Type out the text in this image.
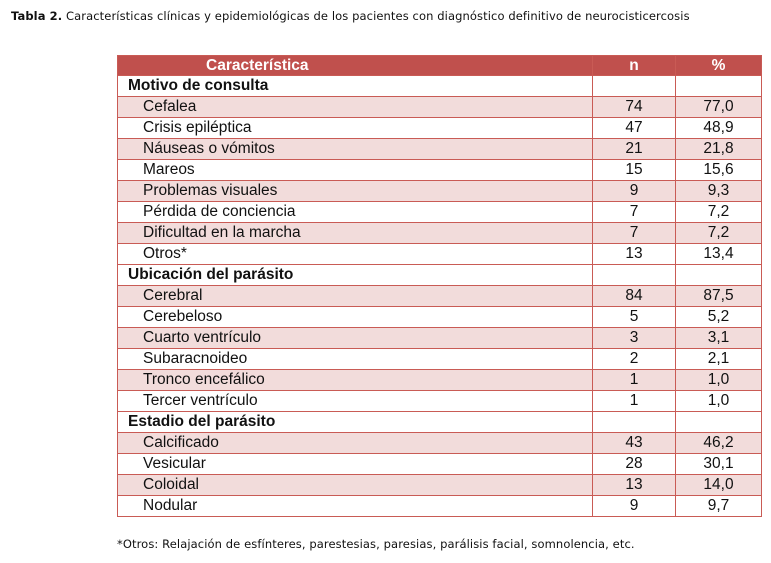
Tabla 2. Características clínicas y epidemiológicas de los pacientes con diagnóstico definitivo de neurocisticercosis
Característica	n	%
Motivo de consulta		
Cefalea	74	77,0
Crisis epiléptica	47	48,9
Náuseas o vómitos	21	21,8
Mareos	15	15,6
Problemas visuales	9	9,3
Pérdida de conciencia	7	7,2
Dificultad en la marcha	7	7,2
Otros*	13	13,4
Ubicación del parásito		
Cerebral	84	87,5
Cerebeloso	5	5,2
Cuarto ventrículo	3	3,1
Subaracnoideo	2	2,1
Tronco encefálico	1	1,0
Tercer ventrículo	1	1,0
Estadio del parásito		
Calcificado	43	46,2
Vesicular	28	30,1
Coloidal	13	14,0
Nodular	9	9,7
*Otros: Relajación de esfínteres, parestesias, paresias, parálisis facial, somnolencia, etc.
